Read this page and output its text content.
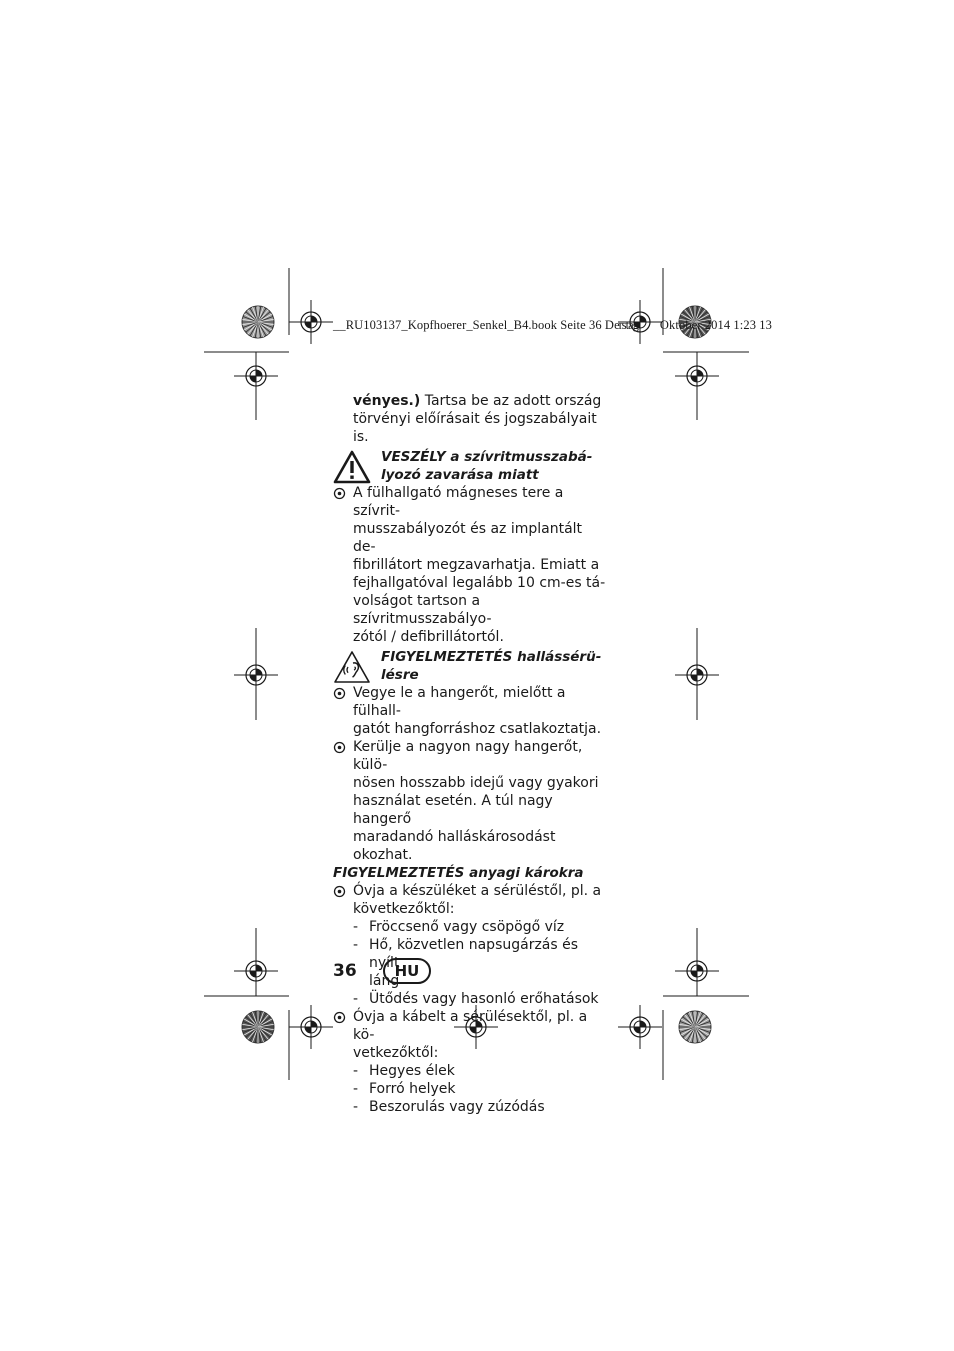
__RU103137_Kopfhoerer_Senkel_B4.book Seite 36 Derstag Oktober 2014 1:23 13

vényes.) Tartsa be az adott ország
törvényi előírásait és jogszabályait is.

VESZÉLY a szívritmusszabá-
lyozó zavarása miatt
A fülhallgató mágneses tere a szívrit-
musszabályozót és az implantált de-
fibrillátort megzavarhatja. Emiatt a
fejhallgatóval legalább 10 cm-es tá-
volságot tartson a szívritmusszabályo-
zótól / defibrillátortól.
FIGYELMEZTETÉS hallássérü-
lésre
Vegye le a hangerőt, mielőtt a fülhall-
gatót hangforráshoz csatlakoztatja.
Kerülje a nagyon nagy hangerőt, külö-
nösen hosszabb idejű vagy gyakori
használat esetén. A túl nagy hangerő
maradandó halláskárosodást okozhat.
FIGYELMEZTETÉS anyagi károkra
Óvja a készüléket a sérüléstől, pl. a
következőktől:
- Fröccsenő vagy csöpögő víz
- Hő, közvetlen napsugárzás és nyílt
láng
- Ütődés vagy hasonló erőhatások
Óvja a kábelt a sérülésektől, pl. a kö-
vetkezőktől:
- Hegyes élek
- Forró helyek
- Beszorulás vagy zúzódás
36	HU
